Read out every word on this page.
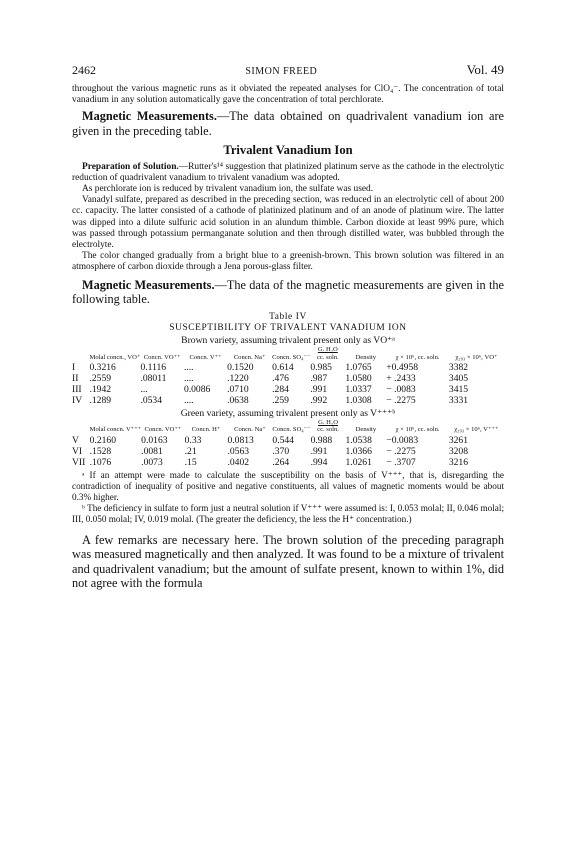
2462	SIMON FREED	Vol. 49

throughout the various magnetic runs as it obviated the repeated analyses for ClO₄⁻. The concentration of total vanadium in any solution automatically gave the concentration of total perchlorate.

Magnetic Measurements.—The data obtained on quadrivalent vanadium ion are given in the preceding table.

Trivalent Vanadium Ion

Preparation of Solution.—Rutter's¹⁴ suggestion that platinized platinum serve as the cathode in the electrolytic reduction of quadrivalent vanadium to trivalent vanadium was adopted.

As perchlorate ion is reduced by trivalent vanadium ion, the sulfate was used.

Vanadyl sulfate, prepared as described in the preceding section, was reduced in an electrolytic cell of about 200 cc. capacity. The latter consisted of a cathode of platinized platinum and of an anode of platinum wire. The latter was dipped into a dilute sulfuric acid solution in an alundum thimble. Carbon dioxide at least 99% pure, which was passed through potassium permanganate solution and then through distilled water, was bubbled through the electrolyte.

The color changed gradually from a bright blue to a greenish-brown. This brown solution was filtered in an atmosphere of carbon dioxide through a Jena porous-glass filter.

Magnetic Measurements.—The data of the magnetic measurements are given in the following table.

Table IV
SUSCEPTIBILITY OF TRIVALENT VANADIUM ION
Brown variety, assuming trivalent present only as VO⁺ᵃ
	Molal concn., VO⁺	Concn. VO⁺⁺	Concn. V⁺⁺	Concn. Na⁺	Concn. SO₄⁻⁻	G. H₂O
cc. soln.	Density	χ × 10⁶, cc. soln.	χ₂₉₃ × 10⁶, VO⁺
I	0.3216	0.1116	....	0.1520	0.614	0.985	1.0765	+0.4958	3382
II	.2559	.08011	....	.1220	.476	.987	1.0580	+ .2433	3405
III	.1942	...	0.0086	.0710	.284	.991	1.0337	− .0083	3415
IV	.1289	.0534	....	.0638	.259	.992	1.0308	− .2275	3331
Green variety, assuming trivalent present only as V⁺⁺⁺ᵇ
	Molal concn. V⁺⁺⁺	Concn. VO⁺⁺	Concn. H⁺	Concn. Na⁺	Concn. SO₄⁻⁻	G. H₂O
cc. soln.	Density	χ × 10⁶, cc. soln.	χ₂₉₃ × 10⁶, V⁺⁺⁺
V	0.2160	0.0163	0.33	0.0813	0.544	0.988	1.0538	−0.0083	3261
VI	.1528	.0081	.21	.0563	.370	.991	1.0366	− .2275	3208
VII	.1076	.0073	.15	.0402	.264	.994	1.0261	− .3707	3216

ᵃ If an attempt were made to calculate the susceptibility on the basis of V⁺⁺⁺, that is, disregarding the contradiction of inequality of positive and negative constituents, all values of magnetic moments would be about 0.3% higher.

ᵇ The deficiency in sulfate to form just a neutral solution if V⁺⁺⁺ were assumed is: I, 0.053 molal; II, 0.046 molal; III, 0.050 molal; IV, 0.019 molal. (The greater the deficiency, the less the H⁺ concentration.)

A few remarks are necessary here. The brown solution of the preceding paragraph was measured magnetically and then analyzed. It was found to be a mixture of trivalent and quadrivalent vanadium; but the amount of sulfate present, known to within 1%, did not agree with the formula
